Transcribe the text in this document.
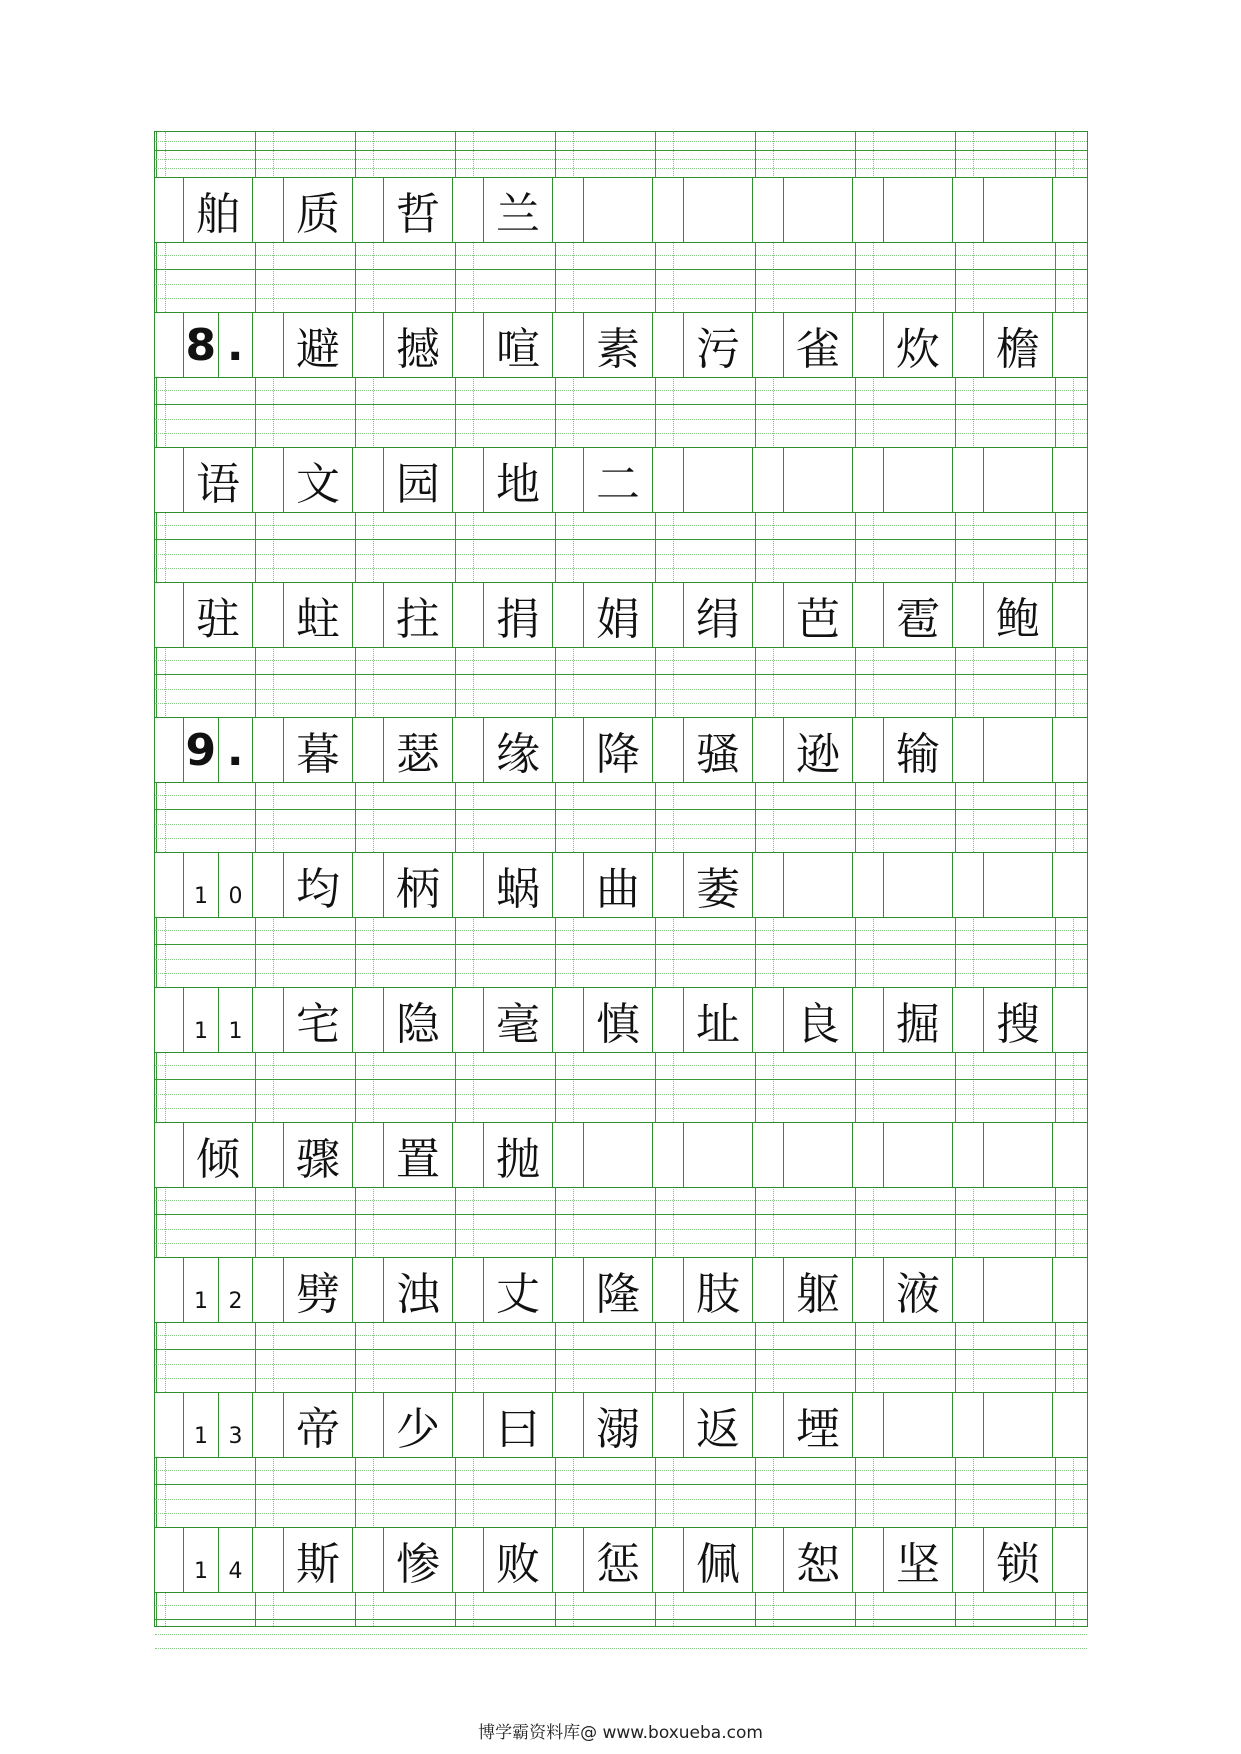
舶 质 哲 兰
8 . 避 撼 喧 素 污 雀 炊 檐
语 文 园 地 二
驻 蛀 拄 捐 娟 绢 芭 雹 鲍
9 . 暮 瑟 缘 降 骚 逊 输
1 0 均 柄 蜗 曲 萎
1 1 宅 隐 毫 慎 址 良 掘 搜
倾 骤 置 抛
1 2 劈 浊 丈 隆 肢 躯 液
1 3 帝 少 曰 溺 返 堙
1 4 斯 惨 败 惩 佩 恕 坚 锁
博学霸资料库@ www.boxueba.com
